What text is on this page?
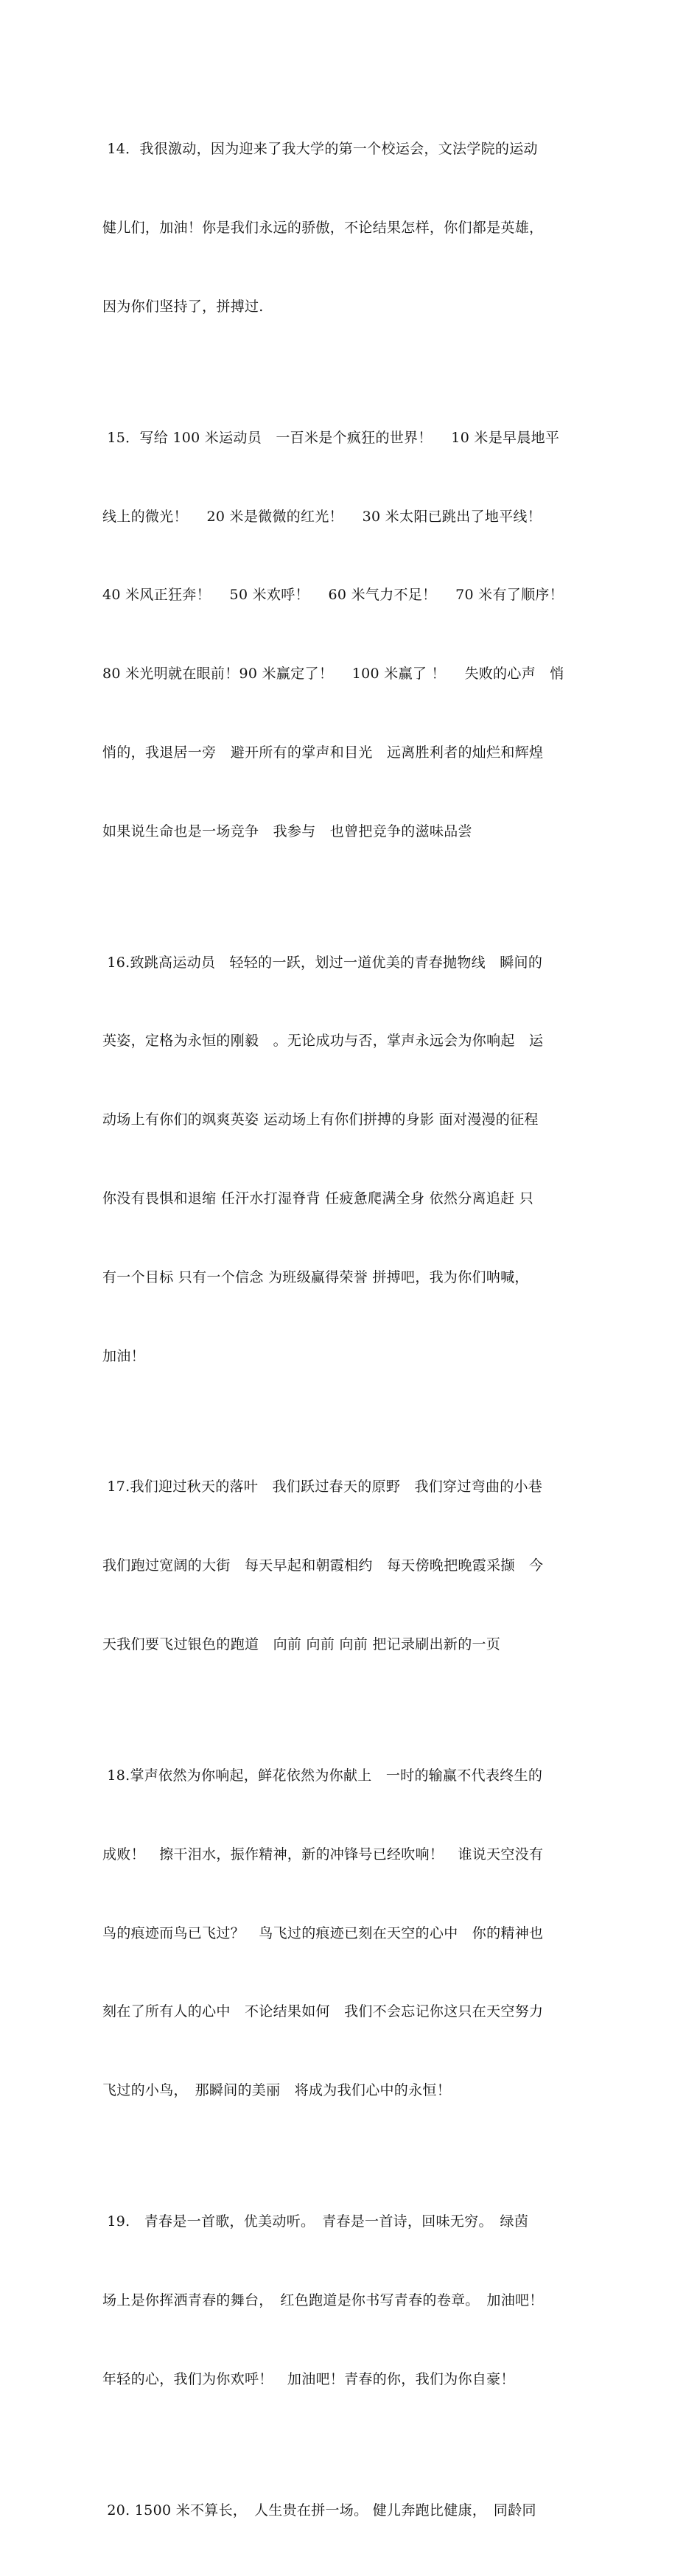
14．我很激动，因为迎来了我大学的第一个校运会，文法学院的运动

健儿们，加油！你是我们永远的骄傲，不论结果怎样，你们都是英雄，

因为你们坚持了，拼搏过.

15．写给 100 米运动员　一百米是个疯狂的世界！　 10 米是早晨地平

线上的微光！　 20 米是微微的红光！　 30 米太阳已跳出了地平线！

40 米风正狂奔！　 50 米欢呼！　 60 米气力不足！　 70 米有了顺序！

80 米光明就在眼前！90 米赢定了！　 100 米赢了 ！　 失败的心声　悄

悄的，我退居一旁　避开所有的掌声和目光　远离胜利者的灿烂和辉煌

如果说生命也是一场竞争　我参与　也曾把竞争的滋味品尝

16.致跳高运动员　轻轻的一跃，划过一道优美的青春抛物线　瞬间的

英姿，定格为永恒的刚毅　。无论成功与否，掌声永远会为你响起　运

动场上有你们的飒爽英姿 运动场上有你们拼搏的身影 面对漫漫的征程

你没有畏惧和退缩 任汗水打湿脊背 任疲惫爬满全身 依然分离追赶 只

有一个目标 只有一个信念 为班级赢得荣誉 拼搏吧，我为你们呐喊，

加油！

17.我们迎过秋天的落叶　我们跃过春天的原野　我们穿过弯曲的小巷

我们跑过宽阔的大街　每天早起和朝霞相约　每天傍晚把晚霞采撷　今

天我们要飞过银色的跑道　向前 向前 向前 把记录刷出新的一页

18.掌声依然为你响起，鲜花依然为你献上　一时的输赢不代表终生的

成败！　擦干泪水，振作精神，新的冲锋号已经吹响！　谁说天空没有

鸟的痕迹而鸟已飞过？　鸟飞过的痕迹已刻在天空的心中　你的精神也

刻在了所有人的心中　不论结果如何　我们不会忘记你这只在天空努力

飞过的小鸟，　那瞬间的美丽　将成为我们心中的永恒！

19.　青春是一首歌，优美动听。　青春是一首诗，回味无穷。　绿茵

场上是你挥洒青春的舞台，　红色跑道是你书写青春的卷章。　加油吧！

年轻的心，我们为你欢呼！　加油吧！青春的你，我们为你自豪！

20. 1500 米不算长，　人生贵在拼一场。 健儿奔跑比健康，　同龄同
